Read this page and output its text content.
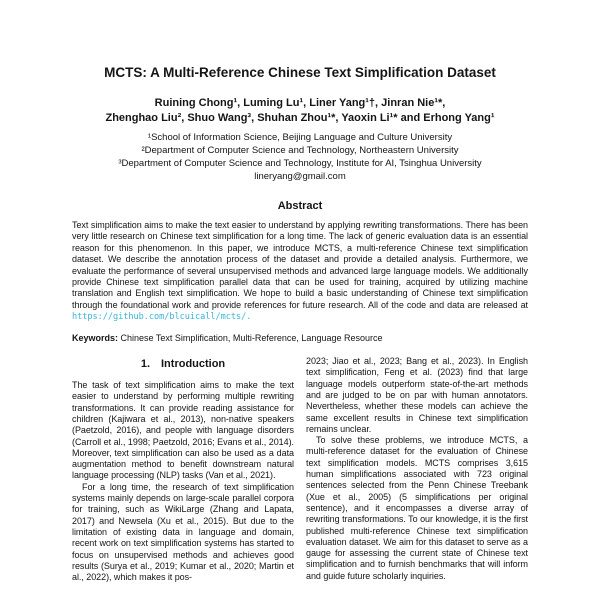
MCTS: A Multi-Reference Chinese Text Simplification Dataset
Ruining Chong¹, Luming Lu¹, Liner Yang¹†, Jinran Nie¹*,
Zhenghao Liu², Shuo Wang³, Shuhan Zhou¹*, Yaoxin Li¹* and Erhong Yang¹
¹School of Information Science, Beijing Language and Culture University
²Department of Computer Science and Technology, Northeastern University
³Department of Computer Science and Technology, Institute for AI, Tsinghua University
lineryang@gmail.com
Abstract

Text simplification aims to make the text easier to understand by applying rewriting transformations. There has been very little research on Chinese text simplification for a long time. The lack of generic evaluation data is an essential reason for this phenomenon. In this paper, we introduce MCTS, a multi-reference Chinese text simplification dataset. We describe the annotation process of the dataset and provide a detailed analysis. Furthermore, we evaluate the performance of several unsupervised methods and advanced large language models. We additionally provide Chinese text simplification parallel data that can be used for training, acquired by utilizing machine translation and English text simplification. We hope to build a basic understanding of Chinese text simplification through the foundational work and provide references for future research. All of the code and data are released at https://github.com/blcuicall/mcts/.

Keywords: Chinese Text Simplification, Multi-Reference, Language Resource

1. Introduction

The task of text simplification aims to make the text easier to understand by performing multiple rewriting transformations. It can provide reading assistance for children (Kajiwara et al., 2013), non-native speakers (Paetzold, 2016), and people with language disorders (Carroll et al., 1998; Paetzold, 2016; Evans et al., 2014). Moreover, text simplification can also be used as a data augmentation method to benefit downstream natural language processing (NLP) tasks (Van et al., 2021).

For a long time, the research of text simplification systems mainly depends on large-scale parallel corpora for training, such as WikiLarge (Zhang and Lapata, 2017) and Newsela (Xu et al., 2015). But due to the limitation of existing data in language and domain, recent work on text simplification systems has started to focus on unsupervised methods and achieves good results (Surya et al., 2019; Kumar et al., 2020; Martin et al., 2022), which makes it pos-

2023; Jiao et al., 2023; Bang et al., 2023). In English text simplification, Feng et al. (2023) find that large language models outperform state-of-the-art methods and are judged to be on par with human annotators. Nevertheless, whether these models can achieve the same excellent results in Chinese text simplification remains unclear.

To solve these problems, we introduce MCTS, a multi-reference dataset for the evaluation of Chinese text simplification models. MCTS comprises 3,615 human simplifications associated with 723 original sentences selected from the Penn Chinese Treebank (Xue et al., 2005) (5 simplifications per original sentence), and it encompasses a diverse array of rewriting transformations. To our knowledge, it is the first published multi-reference Chinese text simplification evaluation dataset. We aim for this dataset to serve as a gauge for assessing the current state of Chinese text simplification and to furnish benchmarks that will inform and guide future scholarly inquiries.
